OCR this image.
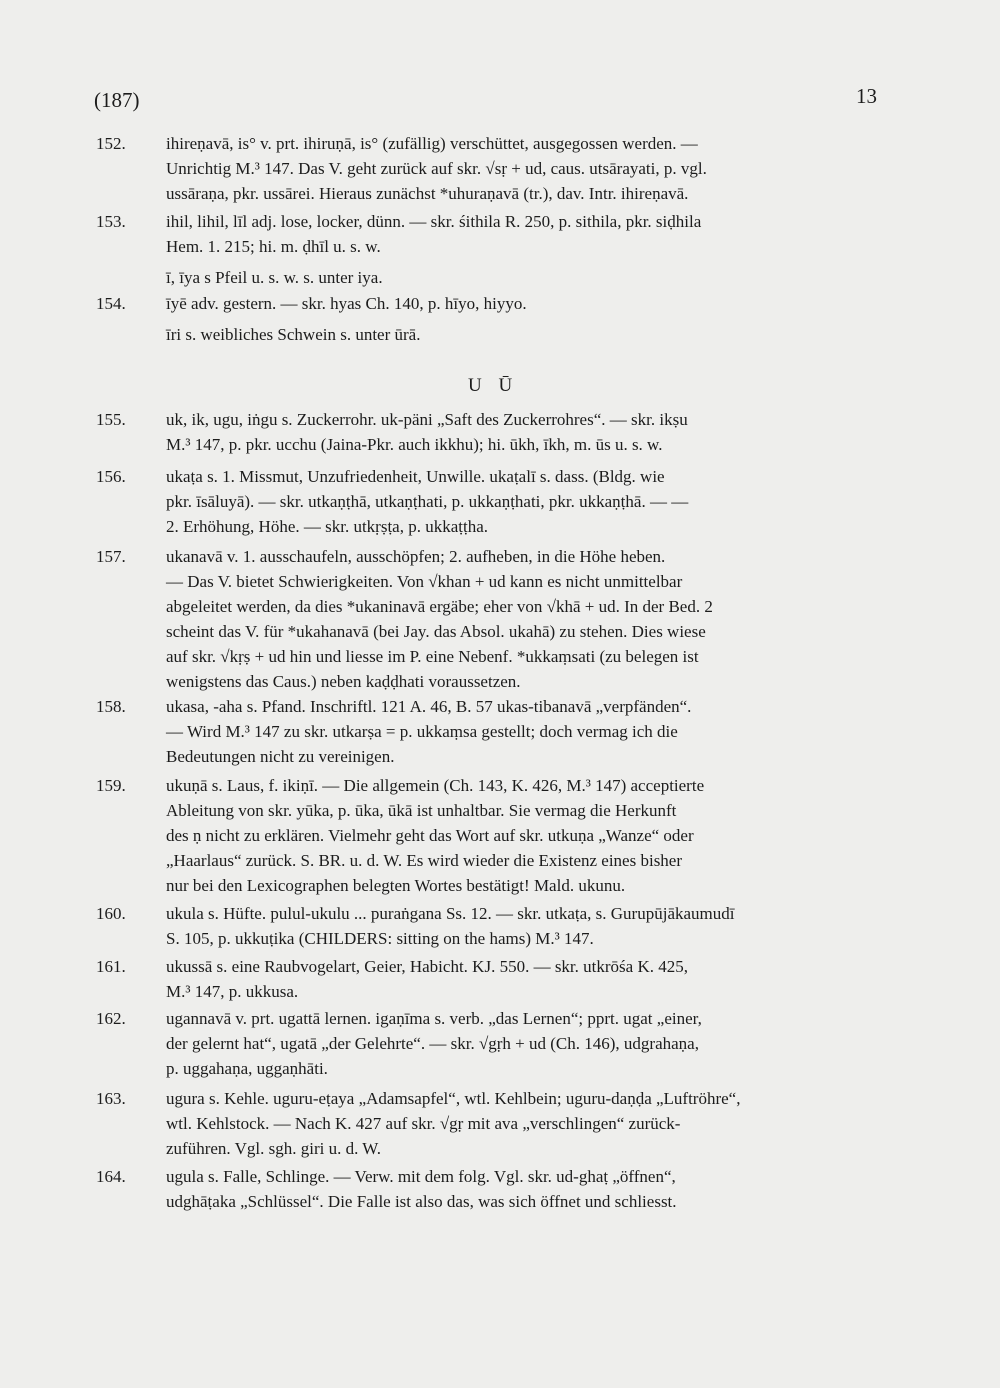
(187)	13
U Ū
152. ihireṇavā, is° v. prt. ihiruṇā, is° (zufällig) verschüttet, ausgegossen werden. —
Unrichtig M.³ 147. Das V. geht zurück auf skr. √sṛ + ud, caus. utsārayati, p. vgl.
ussāraṇa, pkr. ussārei. Hieraus zunächst *uhuraṇavā (tr.), dav. Intr. ihireṇavā.
153. ihil, lihil, līl adj. lose, locker, dünn. — skr. śithila R. 250, p. sithila, pkr. siḍhila
Hem. 1. 215; hi. m. ḍhīl u. s. w.
ī, īya s Pfeil u. s. w. s. unter iya.
154. īyē adv. gestern. — skr. hyas Ch. 140, p. hīyo, hiyyo.
īri s. weibliches Schwein s. unter ūrā.
155. uk, ik, ugu, iṅgu s. Zuckerrohr. uk-päni „Saft des Zuckerrohres“. — skr. ikṣu
M.³ 147, p. pkr. ucchu (Jaina-Pkr. auch ikkhu); hi. ūkh, īkh, m. ūs u. s. w.
156. ukaṭa s. 1. Missmut, Unzufriedenheit, Unwille. ukaṭalī s. dass. (Bldg. wie
pkr. īsāluyā). — skr. utkaṇṭhā, utkaṇṭhati, p. ukkaṇṭhati, pkr. ukkaṇṭhā. — —
2. Erhöhung, Höhe. — skr. utkṛṣṭa, p. ukkaṭṭha.
157. ukanavā v. 1. ausschaufeln, ausschöpfen; 2. aufheben, in die Höhe heben.
— Das V. bietet Schwierigkeiten. Von √khan + ud kann es nicht unmittelbar
abgeleitet werden, da dies *ukaninavā ergäbe; eher von √khā + ud. In der Bed. 2
scheint das V. für *ukahanavā (bei Jay. das Absol. ukahā) zu stehen. Dies wiese
auf skr. √kṛṣ + ud hin und liesse im P. eine Nebenf. *ukkaṃsati (zu belegen ist
wenigstens das Caus.) neben kaḍḍhati voraussetzen.
158. ukasa, -aha s. Pfand. Inschriftl. 121 A. 46, B. 57 ukas-tibanavā „verpfänden“.
— Wird M.³ 147 zu skr. utkarṣa = p. ukkaṃsa gestellt; doch vermag ich die
Bedeutungen nicht zu vereinigen.
159. ukuṇā s. Laus, f. ikiṇī. — Die allgemein (Ch. 143, K. 426, M.³ 147) acceptierte
Ableitung von skr. yūka, p. ūka, ūkā ist unhaltbar. Sie vermag die Herkunft
des ṇ nicht zu erklären. Vielmehr geht das Wort auf skr. utkuṇa „Wanze“ oder
„Haarlaus“ zurück. S. BR. u. d. W. Es wird wieder die Existenz eines bisher
nur bei den Lexicographen belegten Wortes bestätigt! Mald. ukunu.
160. ukula s. Hüfte. pulul-ukulu ... puraṅgana Ss. 12. — skr. utkaṭa, s. Gurupūjākaumudī
S. 105, p. ukkuṭika (CHILDERS: sitting on the hams) M.³ 147.
161. ukussā s. eine Raubvogelart, Geier, Habicht. KJ. 550. — skr. utkrōśa K. 425,
M.³ 147, p. ukkusa.
162. ugannavā v. prt. ugattā lernen. igaṇīma s. verb. „das Lernen“; pprt. ugat „einer,
der gelernt hat“, ugatā „der Gelehrte“. — skr. √gṛh + ud (Ch. 146), udgrahaṇa,
p. uggahaṇa, uggaṇhāti.
163. ugura s. Kehle. uguru-eṭaya „Adamsapfel“, wtl. Kehlbein; uguru-daṇḍa „Luftröhre“,
wtl. Kehlstock. — Nach K. 427 auf skr. √gṛ mit ava „verschlingen“ zurück-
zuführen. Vgl. sgh. giri u. d. W.
164. ugula s. Falle, Schlinge. — Verw. mit dem folg. Vgl. skr. ud-ghaṭ „öffnen“,
udghāṭaka „Schlüssel“. Die Falle ist also das, was sich öffnet und schliesst.
